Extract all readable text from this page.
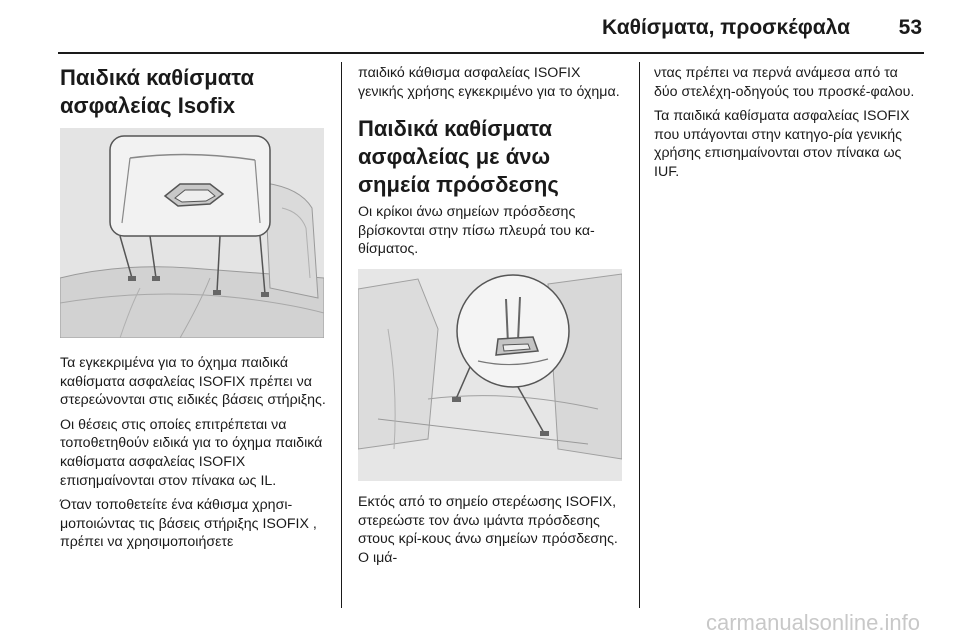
Καθίσματα, προσκέφαλα 53
Παιδικά καθίσματα ασφαλείας Isofix

Τα εγκεκριμένα για το όχημα παιδικά καθίσματα ασφαλείας ISOFIX πρέπει να στερεώνονται στις ειδικές βάσεις στήριξης.

Οι θέσεις στις οποίες επιτρέπεται να τοποθετηθούν ειδικά για το όχημα παιδικά καθίσματα ασφαλείας ISOFIX επισημαίνονται στον πίνακα ως IL.

Όταν τοποθετείτε ένα κάθισμα χρησι-μοποιώντας τις βάσεις στήριξης ISOFIX , πρέπει να χρησιμοποιήσετε

παιδικό κάθισμα ασφαλείας ISOFIX γενικής χρήσης εγκεκριμένο για το όχημα.

Παιδικά καθίσματα ασφαλείας με άνω σημεία πρόσδεσης

Οι κρίκοι άνω σημείων πρόσδεσης βρίσκονται στην πίσω πλευρά του κα-θίσματος.

Εκτός από το σημείο στερέωσης ISOFIX, στερεώστε τον άνω ιμάντα πρόσδεσης στους κρί-κους άνω σημείων πρόσδεσης. Ο ιμά-

ντας πρέπει να περνά ανάμεσα από τα δύο στελέχη-οδηγούς του προσκέ-φαλου.

Τα παιδικά καθίσματα ασφαλείας ISOFIX που υπάγονται στην κατηγο-ρία γενικής χρήσης επισημαίνονται στον πίνακα ως IUF.

carmanualsonline.info
